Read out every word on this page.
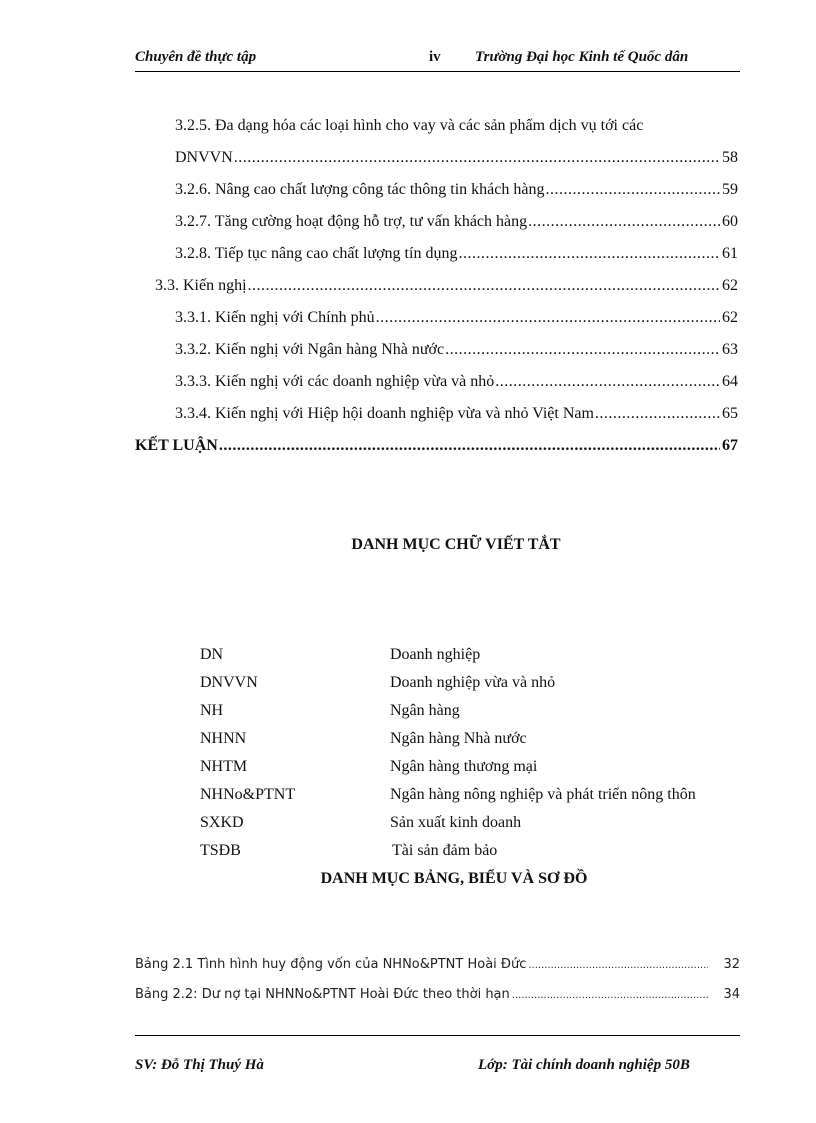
Chuyên đề thực tập	iv Trường Đại học Kinh tế Quốc dân
3.2.5. Đa dạng hóa các loại hình cho vay và các sản phẩm dịch vụ tới các
DNVVN .....	58
3.2.6. Nâng cao chất lượng công tác thông tin khách hàng .....	59
3.2.7. Tăng cường hoạt động hỗ trợ, tư vấn khách hàng .....	60
3.2.8. Tiếp tục nâng cao chất lượng tín dụng .....	61
3.3. Kiến nghị .....	62
3.3.1. Kiến nghị với Chính phủ .....	62
3.3.2. Kiến nghị với Ngân hàng Nhà nước .....	63
3.3.3. Kiến nghị với các doanh nghiệp vừa và nhỏ .....	64
3.3.4. Kiến nghị với Hiệp hội doanh nghiệp vừa và nhỏ Việt Nam .....	65
KẾT LUẬN .....	67
DANH MỤC CHỮ VIẾT TẮT
DN	Doanh nghiệp
DNVVN	Doanh nghiệp vừa và nhỏ
NH	Ngân hàng
NHNN	Ngân hàng Nhà nước
NHTM	Ngân hàng thương mại
NHNo&PTNT	Ngân hàng nông nghiệp và phát triển nông thôn
SXKD	Sản xuất kinh doanh
TSĐB	Tài sản đảm bảo
DANH MỤC BẢNG, BIỂU VÀ SƠ ĐỒ
Bảng 2.1 Tình hình huy động vốn của NHNo&PTNT Hoài Đức .....	32
Bảng 2.2: Dư nợ tại NHNNo&PTNT Hoài Đức theo thời hạn .....	34
SV: Đỗ Thị Thuý Hà	Lớp: Tài chính doanh nghiệp 50B
